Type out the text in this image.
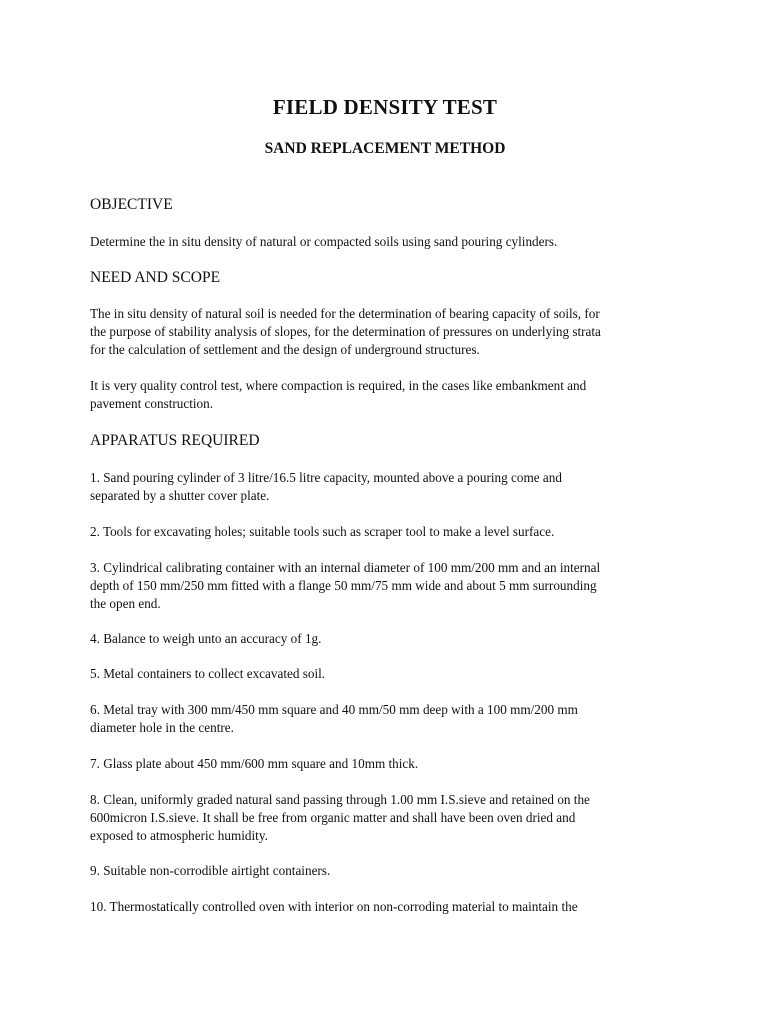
FIELD DENSITY TEST
SAND REPLACEMENT METHOD
OBJECTIVE

Determine the in situ density of natural or compacted soils using sand pouring cylinders.

NEED AND SCOPE

The in situ density of natural soil is needed for the determination of bearing capacity of soils, for
the purpose of stability analysis of slopes, for the determination of pressures on underlying strata
for the calculation of settlement and the design of underground structures.

It is very quality control test, where compaction is required, in the cases like embankment and
pavement construction.

APPARATUS REQUIRED

1. Sand pouring cylinder of 3 litre/16.5 litre capacity, mounted above a pouring come and
separated by a shutter cover plate.

2. Tools for excavating holes; suitable tools such as scraper tool to make a level surface.

3. Cylindrical calibrating container with an internal diameter of 100 mm/200 mm and an internal
depth of 150 mm/250 mm fitted with a flange 50 mm/75 mm wide and about 5 mm surrounding
the open end.

4. Balance to weigh unto an accuracy of 1g.

5. Metal containers to collect excavated soil.

6. Metal tray with 300 mm/450 mm square and 40 mm/50 mm deep with a 100 mm/200 mm
diameter hole in the centre.

7. Glass plate about 450 mm/600 mm square and 10mm thick.

8. Clean, uniformly graded natural sand passing through 1.00 mm I.S.sieve and retained on the
600micron I.S.sieve. It shall be free from organic matter and shall have been oven dried and
exposed to atmospheric humidity.

9. Suitable non-corrodible airtight containers.

10. Thermostatically controlled oven with interior on non-corroding material to maintain the
